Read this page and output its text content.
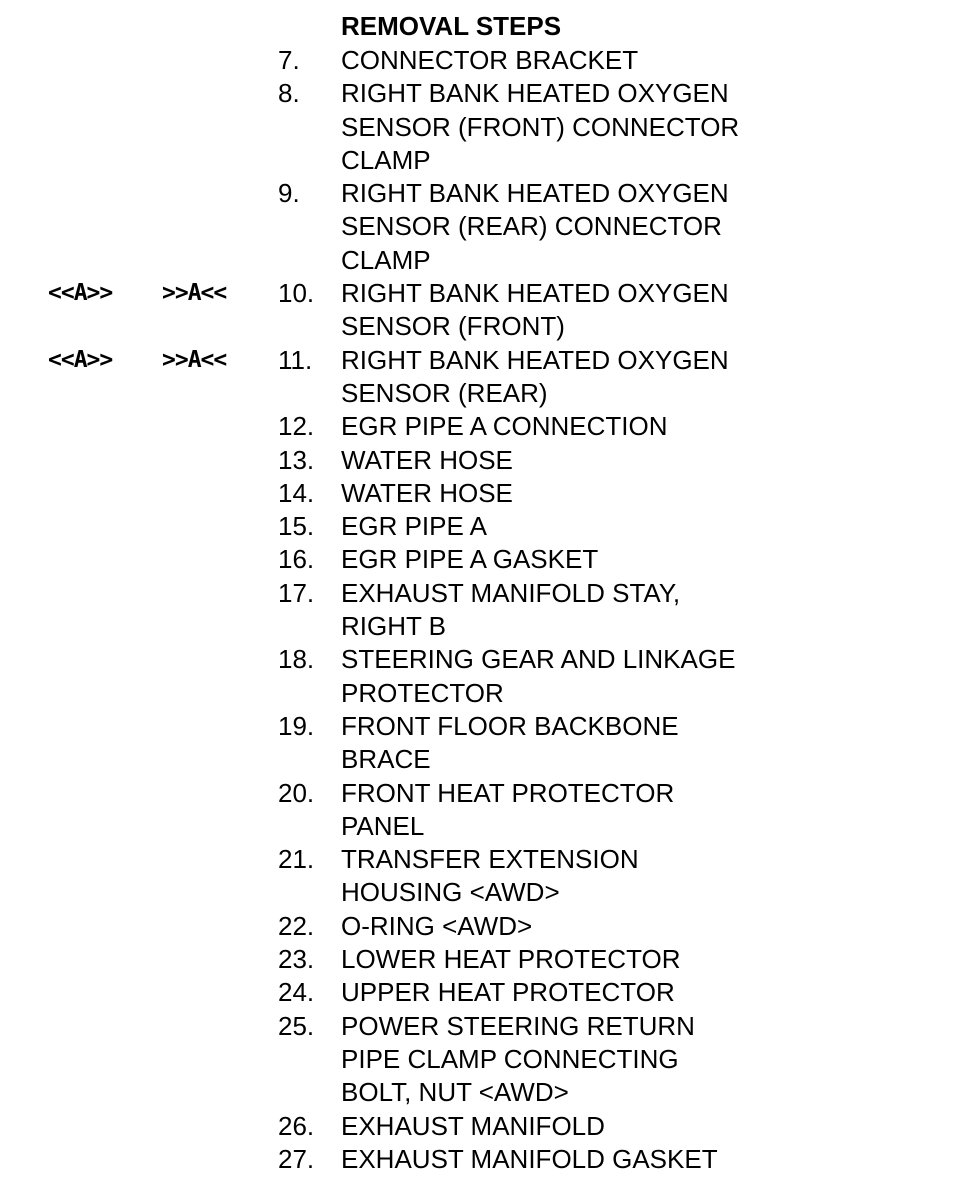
REMOVAL STEPS
7. CONNECTOR BRACKET
8. RIGHT BANK HEATED OXYGEN
SENSOR (FRONT) CONNECTOR
CLAMP
9. RIGHT BANK HEATED OXYGEN
SENSOR (REAR) CONNECTOR
CLAMP
<<A>> >>A<< 10. RIGHT BANK HEATED OXYGEN
SENSOR (FRONT)
<<A>> >>A<< 11. RIGHT BANK HEATED OXYGEN
SENSOR (REAR)
12. EGR PIPE A CONNECTION
13. WATER HOSE
14. WATER HOSE
15. EGR PIPE A
16. EGR PIPE A GASKET
17. EXHAUST MANIFOLD STAY,
RIGHT B
18. STEERING GEAR AND LINKAGE
PROTECTOR
19. FRONT FLOOR BACKBONE
BRACE
20. FRONT HEAT PROTECTOR
PANEL
21. TRANSFER EXTENSION
HOUSING <AWD>
22. O-RING <AWD>
23. LOWER HEAT PROTECTOR
24. UPPER HEAT PROTECTOR
25. POWER STEERING RETURN
PIPE CLAMP CONNECTING
BOLT, NUT <AWD>
26. EXHAUST MANIFOLD
27. EXHAUST MANIFOLD GASKET
